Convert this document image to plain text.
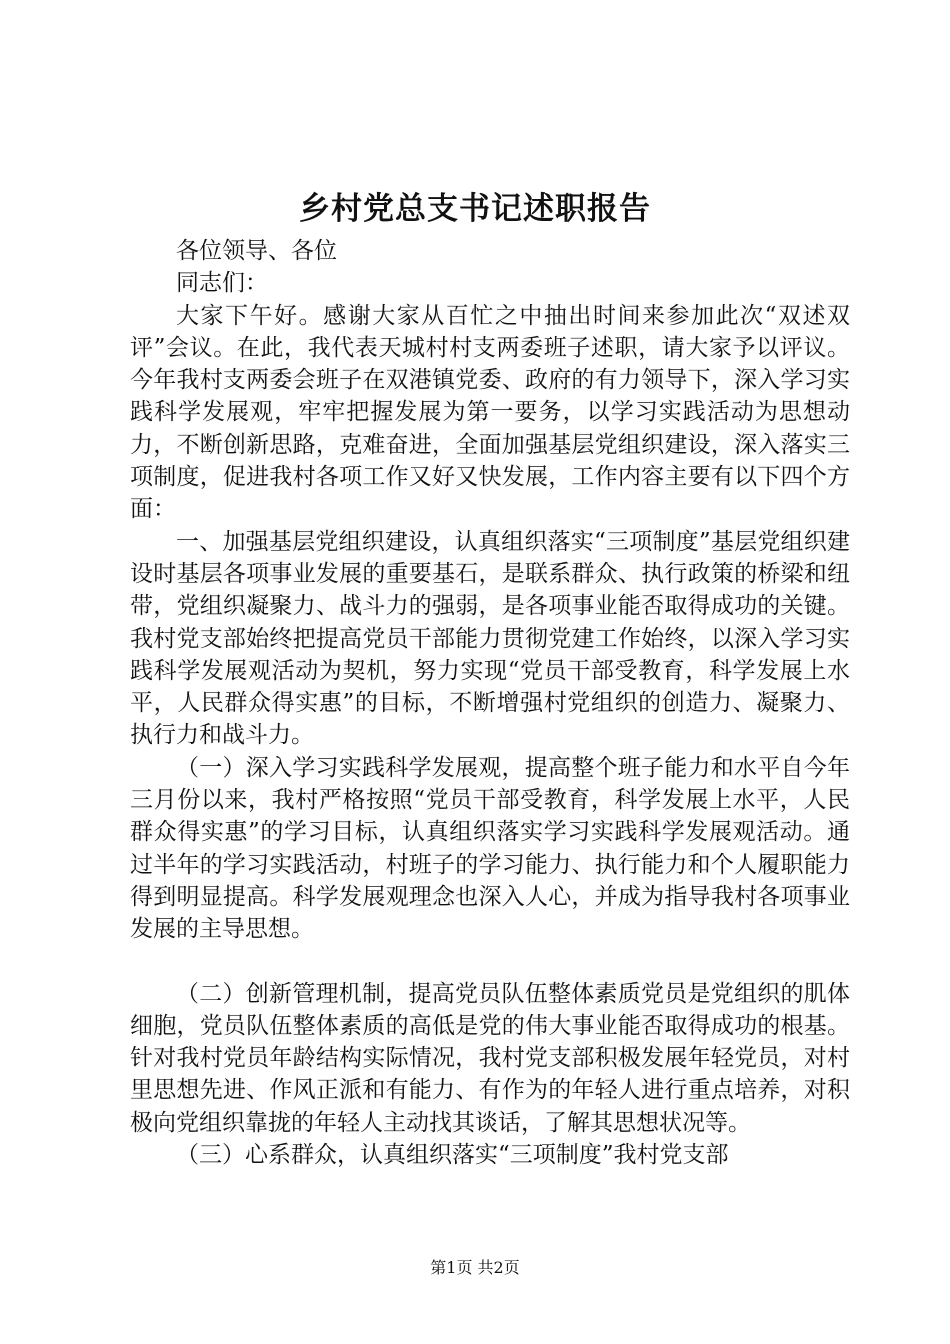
乡村党总支书记述职报告

各位领导、各位

同志们：

大家下午好。感谢大家从百忙之中抽出时间来参加此次“双述双评”会议。在此，我代表天城村村支两委班子述职，请大家予以评议。今年我村支两委会班子在双港镇党委、政府的有力领导下，深入学习实践科学发展观，牢牢把握发展为第一要务，以学习实践活动为思想动力，不断创新思路，克难奋进，全面加强基层党组织建设，深入落实三项制度，促进我村各项工作又好又快发展，工作内容主要有以下四个方面：

一、加强基层党组织建设，认真组织落实“三项制度”基层党组织建设时基层各项事业发展的重要基石，是联系群众、执行政策的桥梁和纽带，党组织凝聚力、战斗力的强弱，是各项事业能否取得成功的关键。我村党支部始终把提高党员干部能力贯彻党建工作始终，以深入学习实践科学发展观活动为契机，努力实现“党员干部受教育，科学发展上水平，人民群众得实惠”的目标，不断增强村党组织的创造力、凝聚力、执行力和战斗力。

（一）深入学习实践科学发展观，提高整个班子能力和水平自今年三月份以来，我村严格按照“党员干部受教育，科学发展上水平，人民群众得实惠”的学习目标，认真组织落实学习实践科学发展观活动。通过半年的学习实践活动，村班子的学习能力、执行能力和个人履职能力得到明显提高。科学发展观理念也深入人心，并成为指导我村各项事业发展的主导思想。

（二）创新管理机制，提高党员队伍整体素质党员是党组织的肌体细胞，党员队伍整体素质的高低是党的伟大事业能否取得成功的根基。针对我村党员年龄结构实际情况，我村党支部积极发展年轻党员，对村里思想先进、作风正派和有能力、有作为的年轻人进行重点培养，对积极向党组织靠拢的年轻人主动找其谈话，了解其思想状况等。

（三）心系群众，认真组织落实“三项制度”我村党支部

第1页 共2页
